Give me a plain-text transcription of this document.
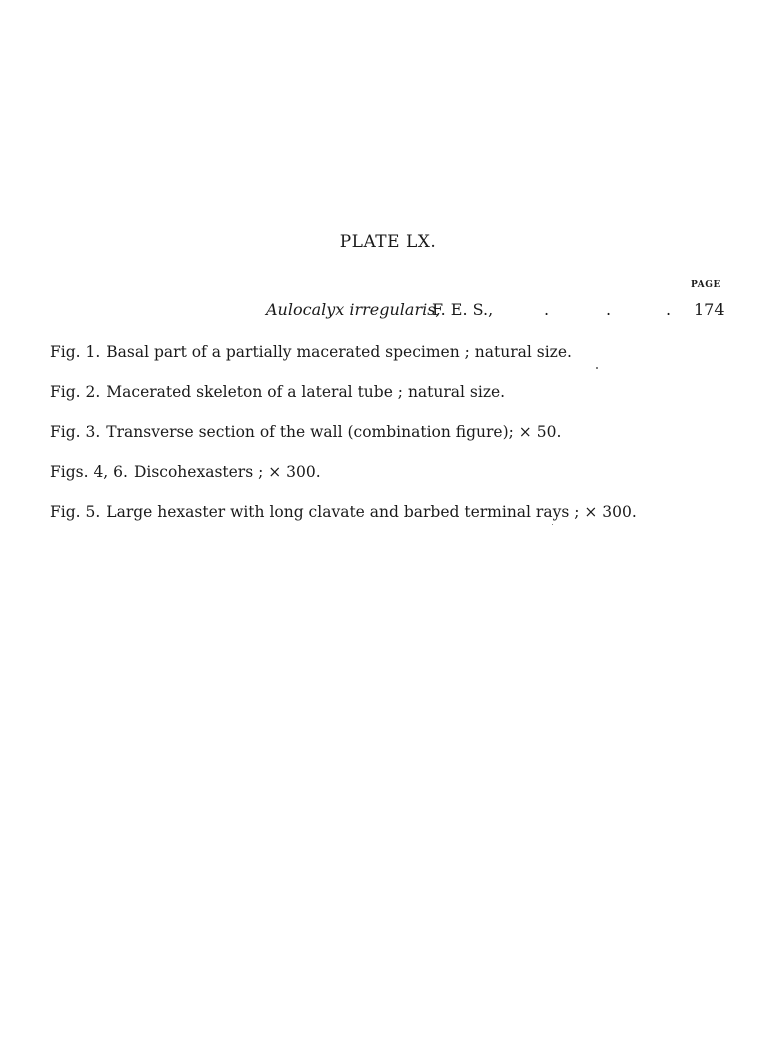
PLATE LX.
PAGE
Aulocalyx irregularis,
F. E. S.,	.	.	. 174
Fig. 1. Basal part of a partially macerated specimen ; natural size.
Fig. 2. Macerated skeleton of a lateral tube ; natural size.
Fig. 3. Transverse section of the wall (combination figure); × 50.
Figs. 4, 6. Discohexasters ; × 300.
Fig. 5. Large hexaster with long clavate and barbed terminal rays ; × 300.
